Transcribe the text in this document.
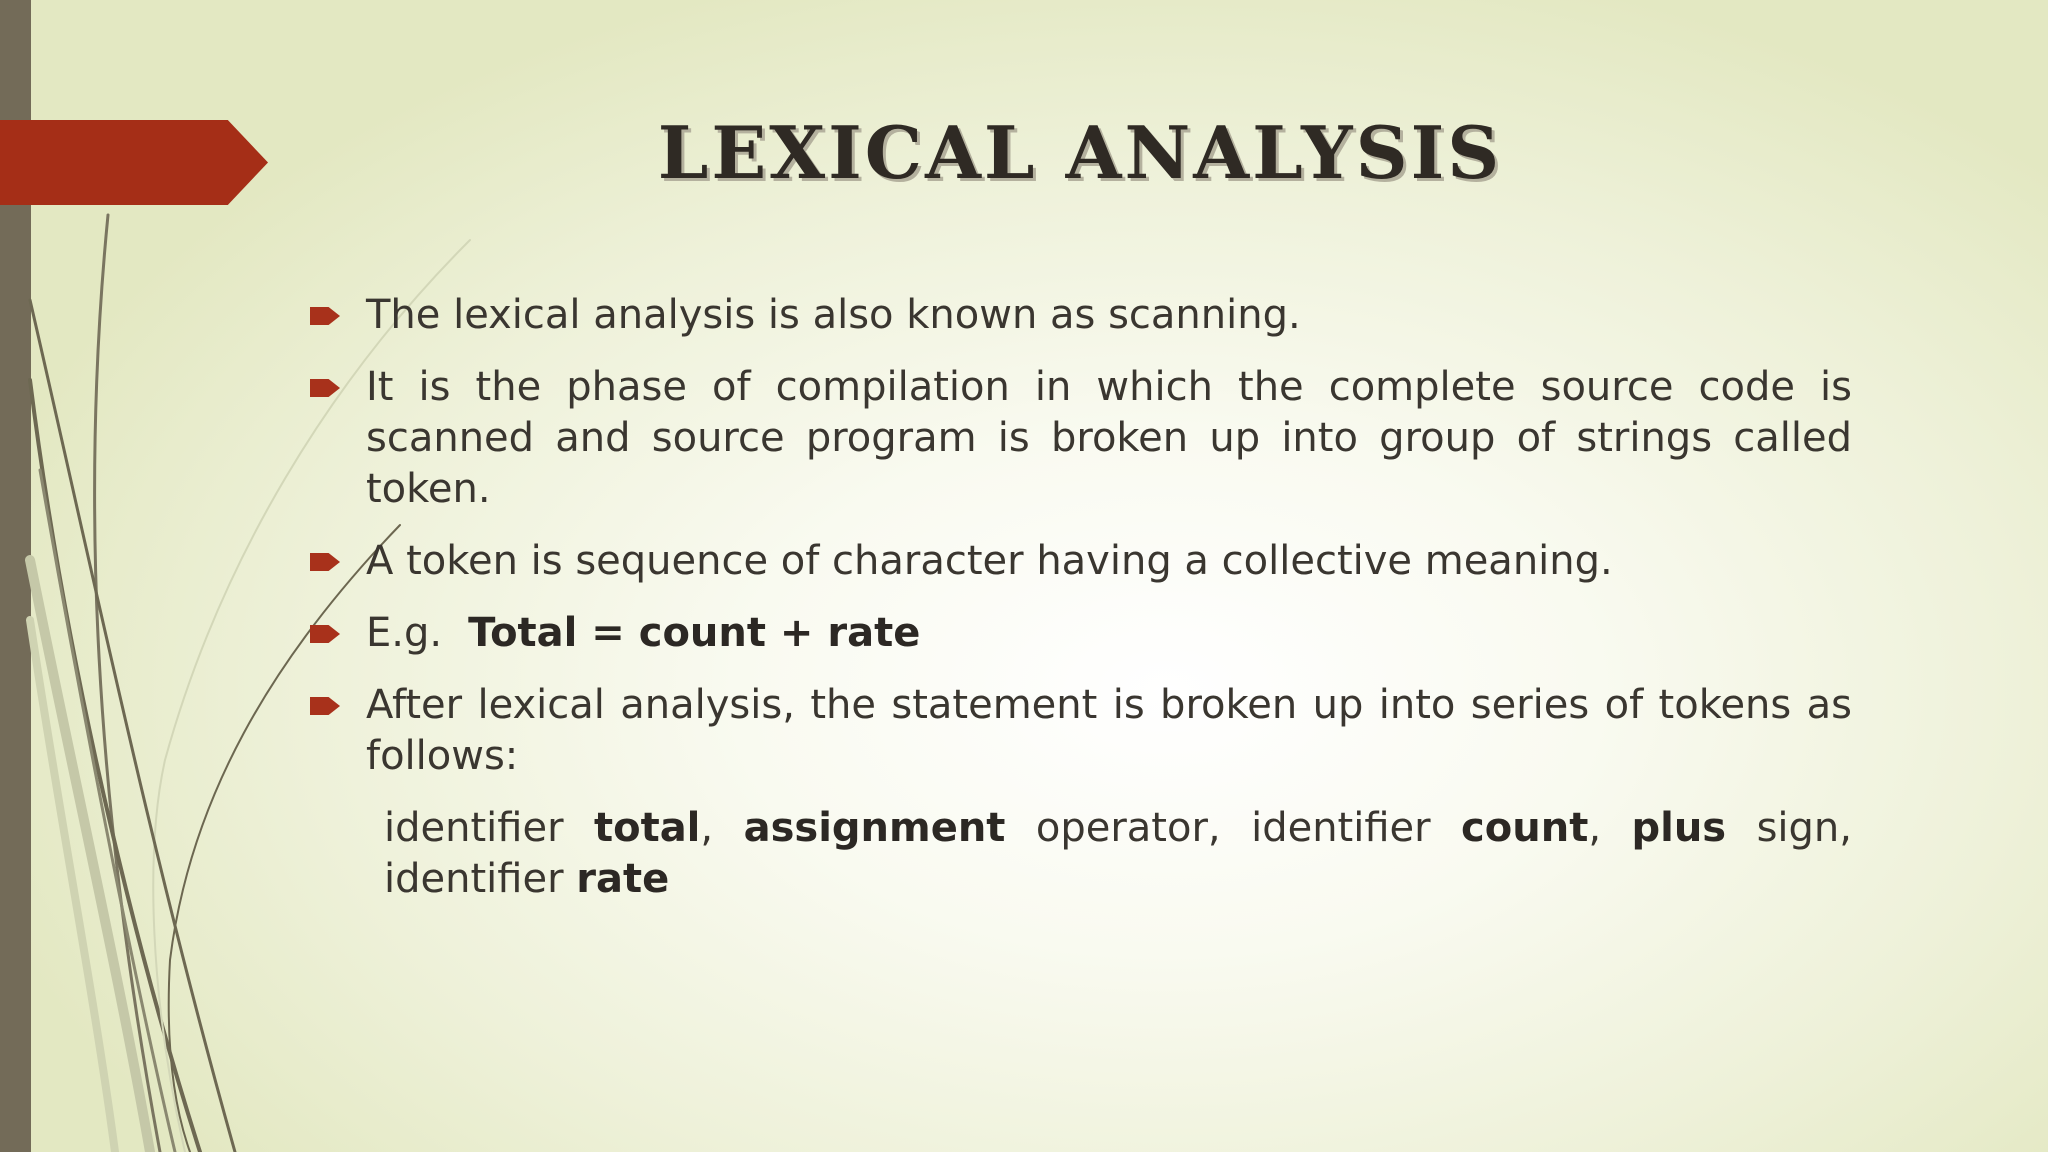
LEXICAL ANALYSIS
The lexical analysis is also known as scanning.
It is the phase of compilation in which the complete source code is scanned and source program is broken up into group of strings called token.
A token is sequence of character having a collective meaning.
E.g. Total = count + rate
After lexical analysis, the statement is broken up into series of tokens as follows:
identifier total, assignment operator, identifier count, plus sign, identifier rate
